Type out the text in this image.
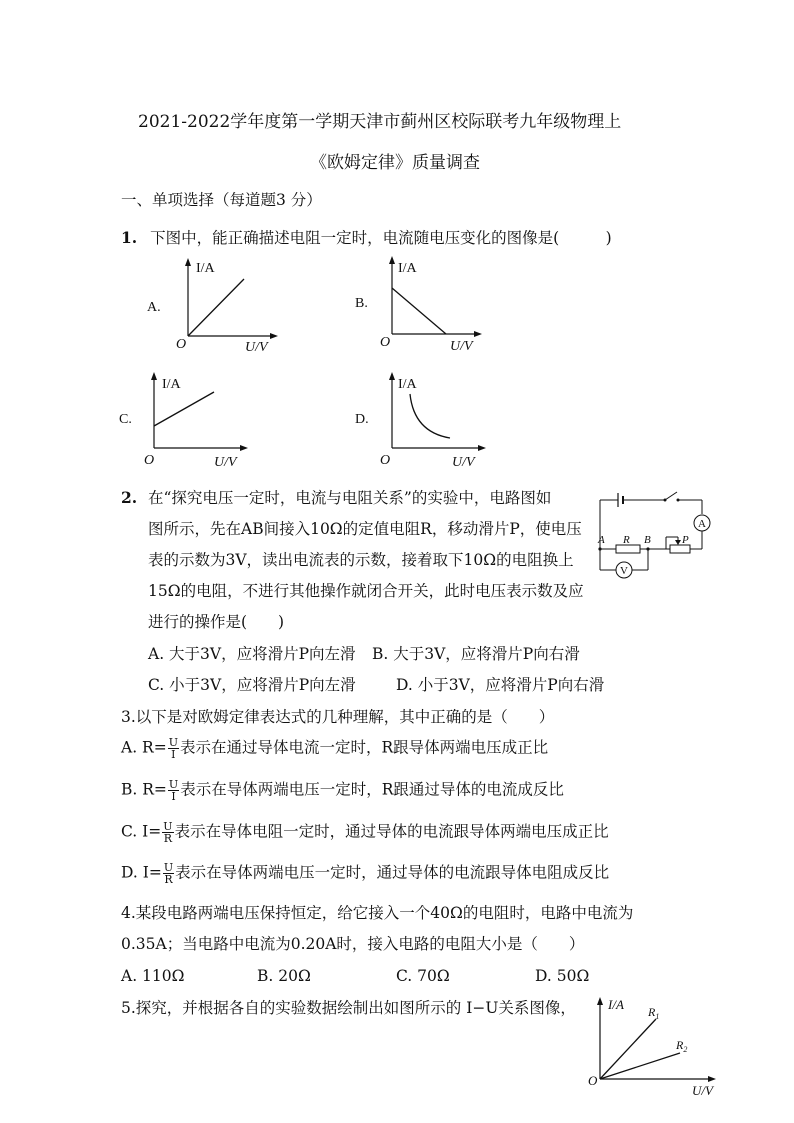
2021-2022学年度第一学期天津市蓟州区校际联考九年级物理上
《欧姆定律》质量调查
一、单项选择（每道题3 分）
1. 下图中，能正确描述电阻一定时，电流随电压变化的图像是(　　　)
A.
I/A
U/V
O
B.
I/A
U/V
O
C.
I/A
U/V
O
D.
I/A
U/V
O
2. 在“探究电压一定时，电流与电阻关系”的实验中，电路图如
图所示，先在AB间接入10Ω的定值电阻R，移动滑片P，使电压
表的示数为3V，读出电流表的示数，接着取下10Ω的电阻换上
15Ω的电阻，不进行其他操作就闭合开关，此时电压表示数及应
进行的操作是(　　)
A. 大于3V，应将滑片P向左滑 B. 大于3V，应将滑片P向右滑
C. 小于3V，应将滑片P向左滑	D. 小于3V，应将滑片P向右滑
A
A R B	P
V
3.以下是对欧姆定律表达式的几种理解，其中正确的是（　　）
A. $R= \frac{U}{I}$ 表示在通过导体电流一定时，R跟导体两端电压成正比
B. $R= \frac{U}{I}$ 表示在导体两端电压一定时，R跟通过导体的电流成反比
C. $I= \frac{U}{R}$ 表示在导体电阻一定时，通过导体的电流跟导体两端电压成正比
D. $I= \frac{U}{R}$ 表示在导体两端电压一定时，通过导体的电流跟导体电阻成反比
4.某段电路两端电压保持恒定，给它接入一个40Ω的电阻时，电路中电流为
0.35A；当电路中电流为0.20A时，接入电路的电阻大小是（　　）
A. 110Ω	B. 20Ω	C. 70Ω	D. 50Ω
5.探究，并根据各自的实验数据绘制出如图所示的 I−U关系图像， I/A
U/V
O
$R_1$
$R_2$
